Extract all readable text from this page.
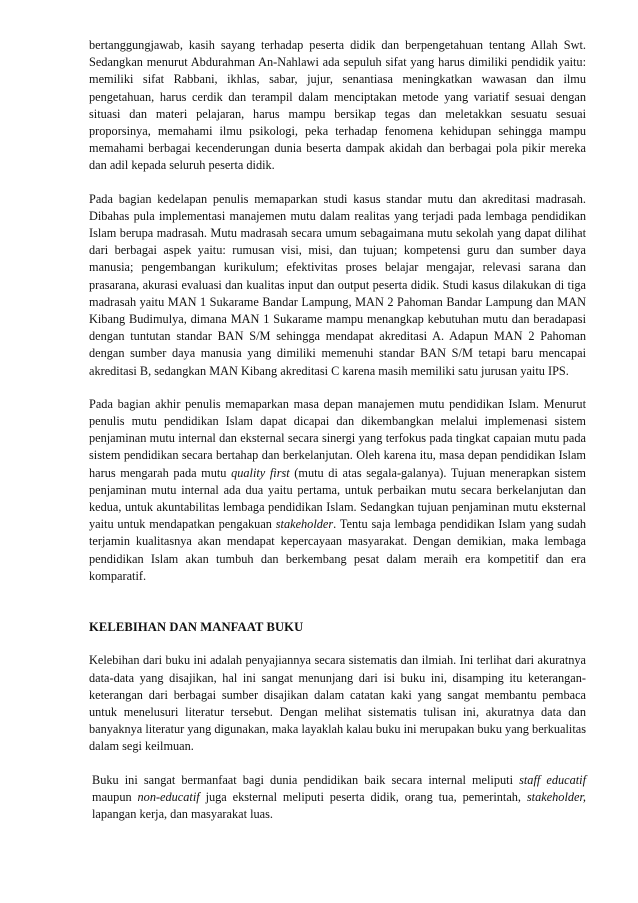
bertanggungjawab, kasih sayang terhadap peserta didik dan berpengetahuan tentang Allah Swt. Sedangkan menurut Abdurahman An-Nahlawi ada sepuluh sifat yang harus dimiliki pendidik yaitu: memiliki sifat Rabbani, ikhlas, sabar, jujur, senantiasa meningkatkan wawasan dan ilmu pengetahuan, harus cerdik dan terampil dalam menciptakan metode yang variatif sesuai dengan situasi dan materi pelajaran, harus mampu bersikap tegas dan meletakkan sesuatu sesuai proporsinya, memahami ilmu psikologi, peka terhadap fenomena kehidupan sehingga mampu memahami berbagai kecenderungan dunia beserta dampak akidah dan berbagai pola pikir mereka dan adil kepada seluruh peserta didik.

Pada bagian kedelapan penulis memaparkan studi kasus standar mutu dan akreditasi madrasah. Dibahas pula implementasi manajemen mutu dalam realitas yang terjadi pada lembaga pendidikan Islam berupa madrasah. Mutu madrasah secara umum sebagaimana mutu sekolah yang dapat dilihat dari berbagai aspek yaitu: rumusan visi, misi, dan tujuan; kompetensi guru dan sumber daya manusia; pengembangan kurikulum; efektivitas proses belajar mengajar, relevasi sarana dan prasarana, akurasi evaluasi dan kualitas input dan output peserta didik. Studi kasus dilakukan di tiga madrasah yaitu MAN 1 Sukarame Bandar Lampung, MAN 2 Pahoman Bandar Lampung dan MAN Kibang Budimulya, dimana MAN 1 Sukarame mampu menangkap kebutuhan mutu dan beradapasi dengan tuntutan standar BAN S/M sehingga mendapat akreditasi A. Adapun MAN 2 Pahoman dengan sumber daya manusia yang dimiliki memenuhi standar BAN S/M tetapi baru mencapai akreditasi B, sedangkan MAN Kibang akreditasi C karena masih memiliki satu jurusan yaitu IPS.

Pada bagian akhir penulis memaparkan masa depan manajemen mutu pendidikan Islam. Menurut penulis mutu pendidikan Islam dapat dicapai dan dikembangkan melalui implemenasi sistem penjaminan mutu internal dan eksternal secara sinergi yang terfokus pada tingkat capaian mutu pada sistem pendidikan secara bertahap dan berkelanjutan. Oleh karena itu, masa depan pendidikan Islam harus mengarah pada mutu quality first (mutu di atas segala-galanya). Tujuan menerapkan sistem penjaminan mutu internal ada dua yaitu pertama, untuk perbaikan mutu secara berkelanjutan dan kedua, untuk akuntabilitas lembaga pendidikan Islam. Sedangkan tujuan penjaminan mutu eksternal yaitu untuk mendapatkan pengakuan stakeholder. Tentu saja lembaga pendidikan Islam yang sudah terjamin kualitasnya akan mendapat kepercayaan masyarakat. Dengan demikian, maka lembaga pendidikan Islam akan tumbuh dan berkembang pesat dalam meraih era kompetitif dan era komparatif.

KELEBIHAN DAN MANFAAT BUKU

Kelebihan dari buku ini adalah penyajiannya secara sistematis dan ilmiah. Ini terlihat dari akuratnya data-data yang disajikan, hal ini sangat menunjang dari isi buku ini, disamping itu keterangan-keterangan dari berbagai sumber disajikan dalam catatan kaki yang sangat membantu pembaca untuk menelusuri literatur tersebut. Dengan melihat sistematis tulisan ini, akuratnya data dan banyaknya literatur yang digunakan, maka layaklah kalau buku ini merupakan buku yang berkualitas dalam segi keilmuan.

Buku ini sangat bermanfaat bagi dunia pendidikan baik secara internal meliputi staff educatif maupun non-educatif juga eksternal meliputi peserta didik, orang tua, pemerintah, stakeholder, lapangan kerja, dan masyarakat luas.
